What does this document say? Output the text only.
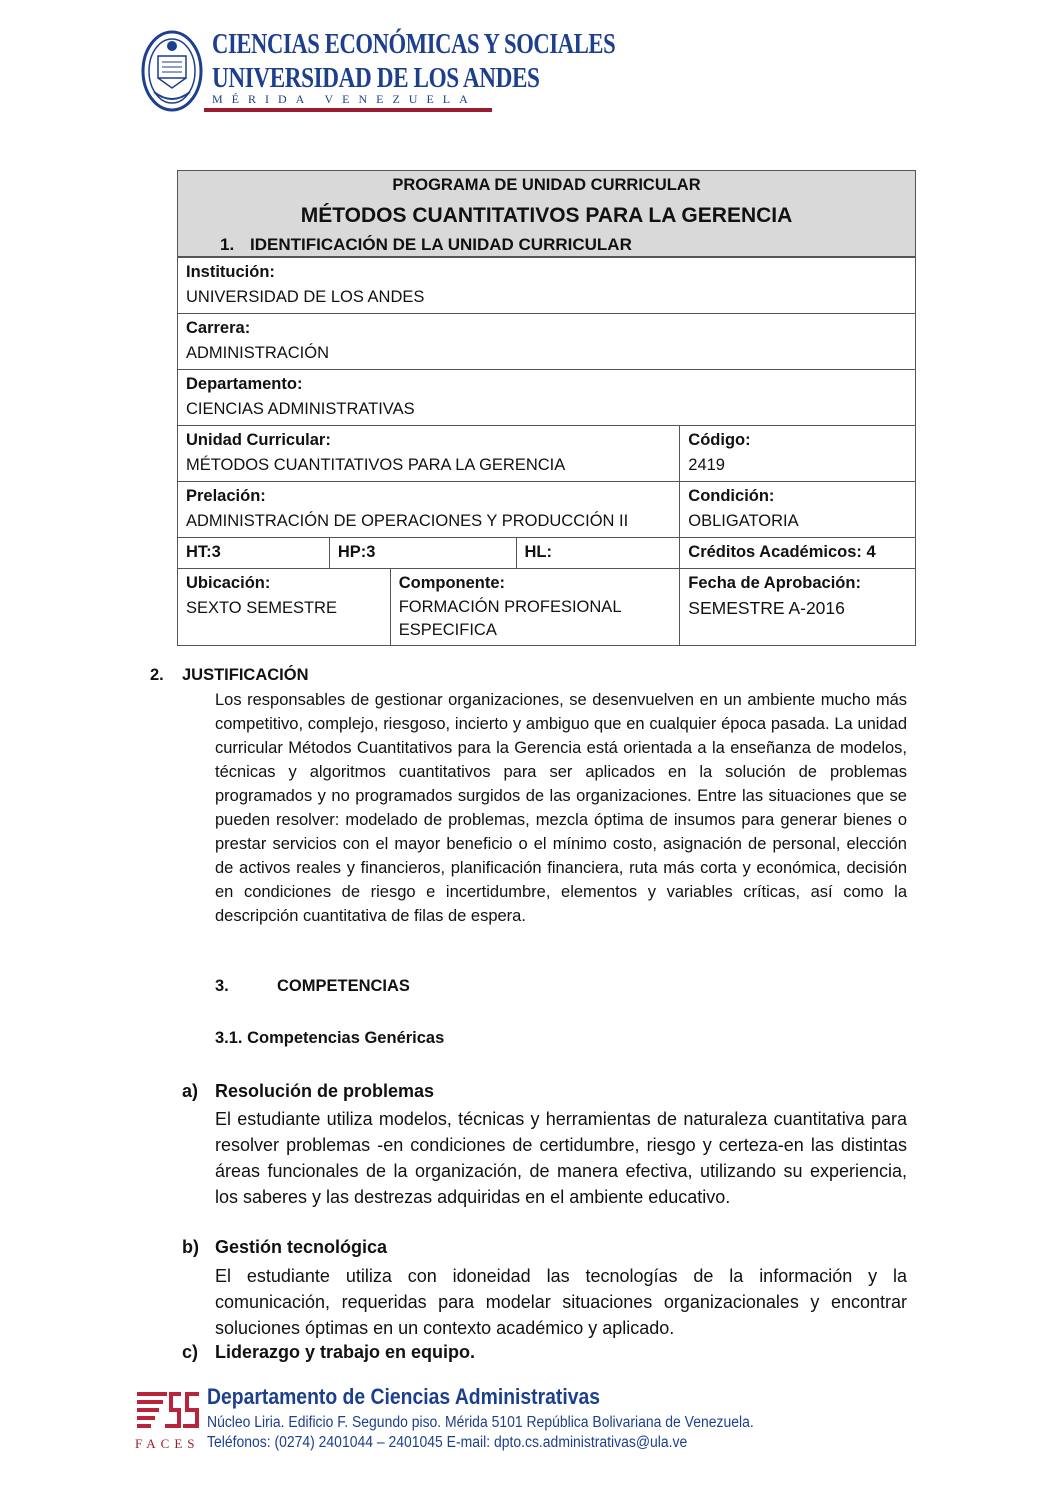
CIENCIAS ECONÓMICAS Y SOCIALES
UNIVERSIDAD DE LOS ANDES
MÉRIDA VENEZUELA
PROGRAMA DE UNIDAD CURRICULAR
MÉTODOS CUANTITATIVOS PARA LA GERENCIA
1. IDENTIFICACIÓN DE LA UNIDAD CURRICULAR
Institución:
UNIVERSIDAD DE LOS ANDES				

Carrera:
ADMINISTRACIÓN				

Departamento:
CIENCIAS ADMINISTRATIVAS				

Unidad Curricular:
MÉTODOS CUANTITATIVOS PARA LA GERENCIA				Código:
2419

Prelación:
ADMINISTRACIÓN DE OPERACIONES Y PRODUCCIÓN II				Condición:
OBLIGATORIA

HT:3	HP:3		HL:	Créditos Académicos: 4

Ubicación:
SEXTO SEMESTRE		Componente:
FORMACIÓN PROFESIONAL ESPECIFICA		Fecha de Aprobación:
SEMESTRE A-2016
2. JUSTIFICACIÓN
Los responsables de gestionar organizaciones, se desenvuelven en un ambiente mucho más competitivo, complejo, riesgoso, incierto y ambiguo que en cualquier época pasada. La unidad curricular Métodos Cuantitativos para la Gerencia está orientada a la enseñanza de modelos, técnicas y algoritmos cuantitativos para ser aplicados en la solución de problemas programados y no programados surgidos de las organizaciones. Entre las situaciones que se pueden resolver: modelado de problemas, mezcla óptima de insumos para generar bienes o prestar servicios con el mayor beneficio o el mínimo costo, asignación de personal, elección de activos reales y financieros, planificación financiera, ruta más corta y económica, decisión en condiciones de riesgo e incertidumbre, elementos y variables críticas, así como la descripción cuantitativa de filas de espera.
3.	COMPETENCIAS
3.1. Competencias Genéricas
a) Resolución de problemas
El estudiante utiliza modelos, técnicas y herramientas de naturaleza cuantitativa para resolver problemas -en condiciones de certidumbre, riesgo y certeza-en las distintas áreas funcionales de la organización, de manera efectiva, utilizando su experiencia, los saberes y las destrezas adquiridas en el ambiente educativo.
b) Gestión tecnológica
El estudiante utiliza con idoneidad las tecnologías de la información y la comunicación, requeridas para modelar situaciones organizacionales y encontrar soluciones óptimas en un contexto académico y aplicado.
c) Liderazgo y trabajo en equipo.
FACES
Departamento de Ciencias Administrativas
Núcleo Liria. Edificio F. Segundo piso. Mérida 5101 República Bolivariana de Venezuela.
Teléfonos: (0274) 2401044 – 2401045 E-mail: dpto.cs.administrativas@ula.ve
